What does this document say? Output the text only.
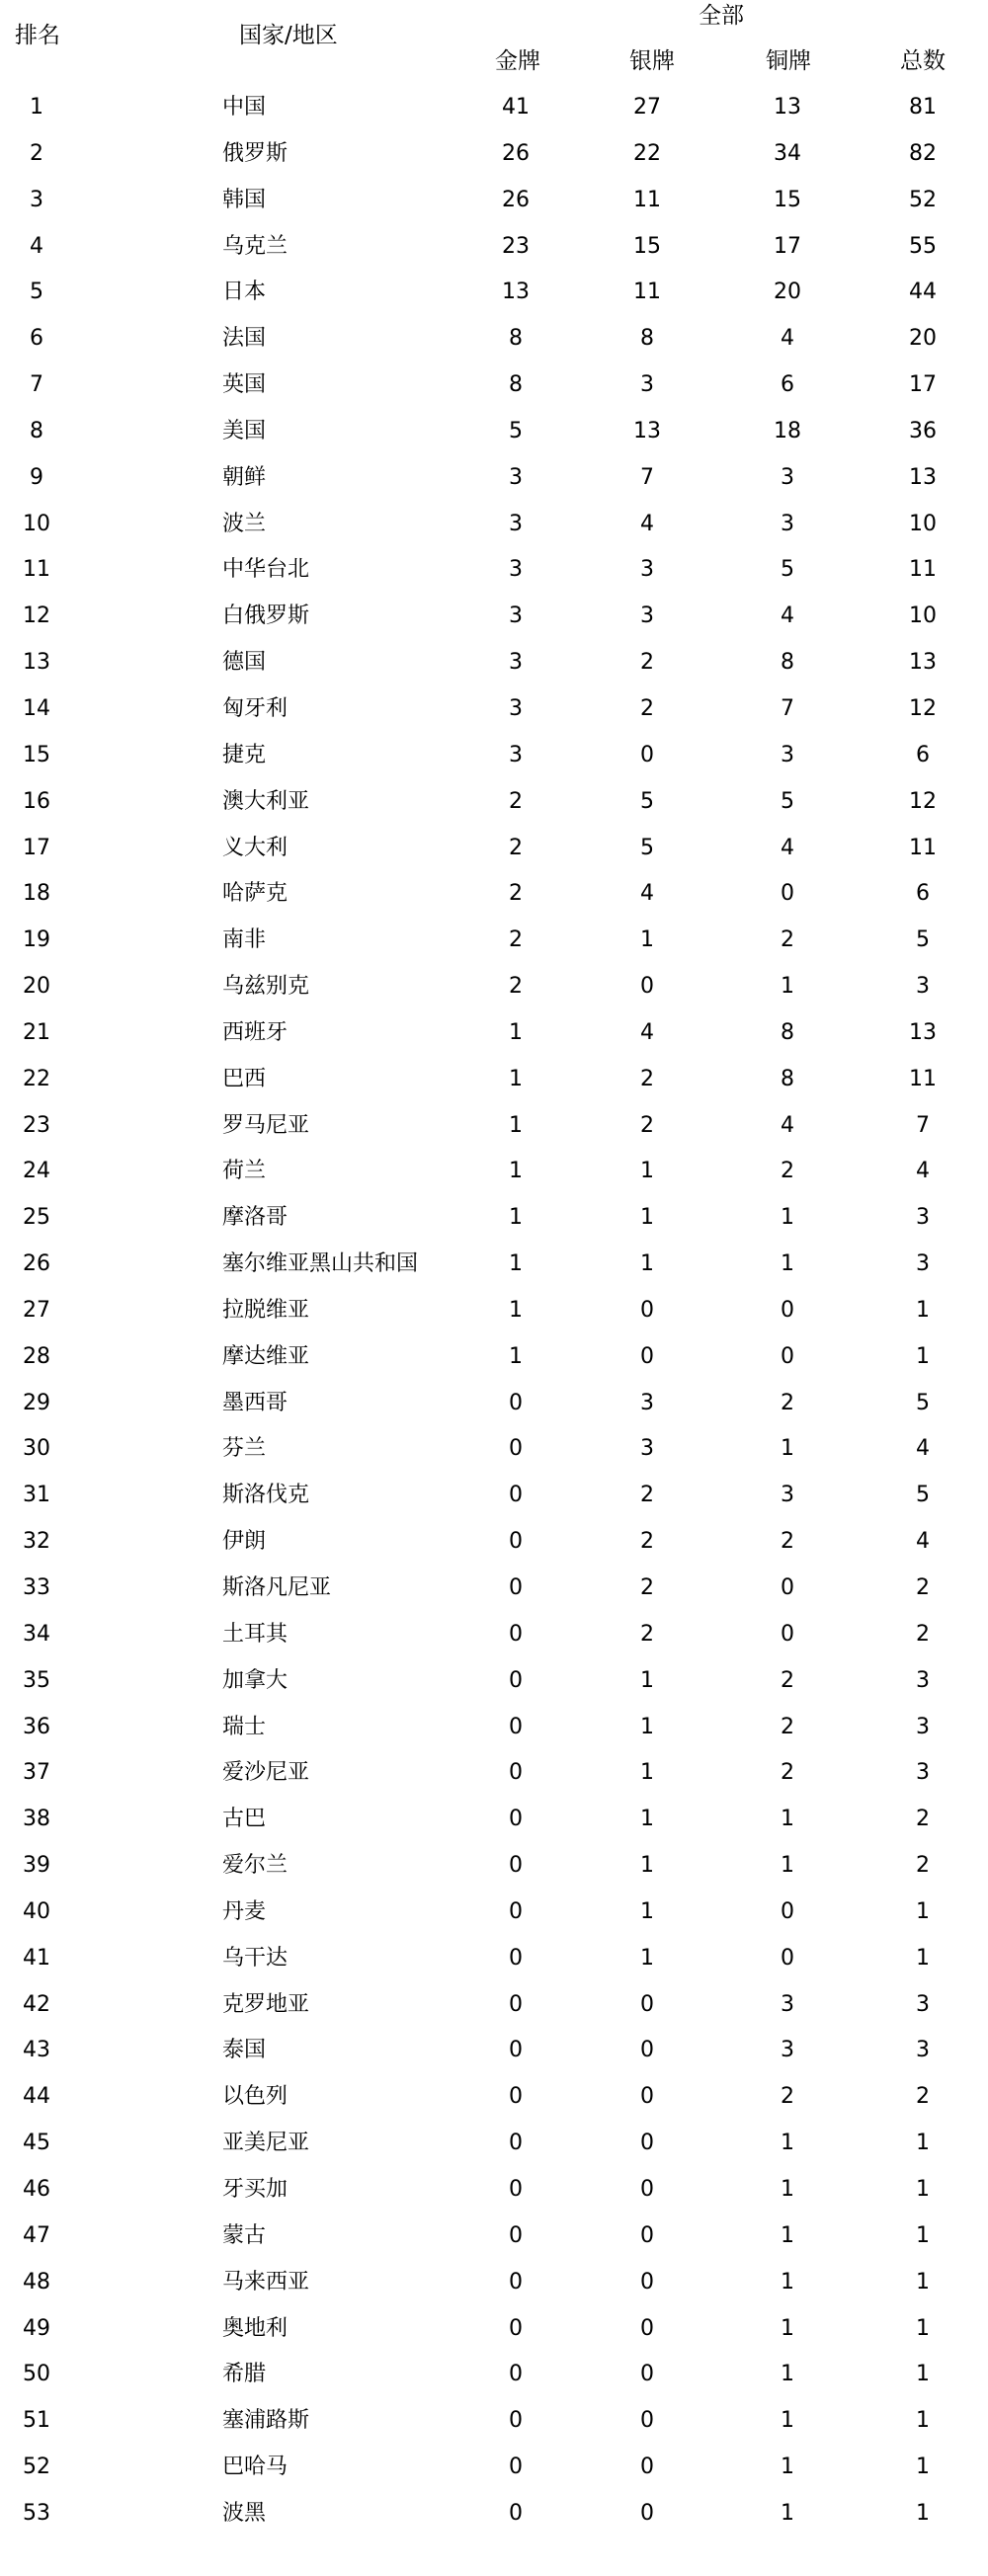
排名	国家/地区
全部
金牌	银牌	铜牌	总数
1	中国	41	27	13	81
2	俄罗斯	26	22	34	82
3	韩国	26	11	15	52
4	乌克兰	23	15	17	55
5	日本	13	11	20	44
6	法国	8	8	4	20
7	英国	8	3	6	17
8	美国	5	13	18	36
9	朝鲜	3	7	3	13
10	波兰	3	4	3	10
11	中华台北	3	3	5	11
12	白俄罗斯	3	3	4	10
13	德国	3	2	8	13
14	匈牙利	3	2	7	12
15	捷克	3	0	3	6
16	澳大利亚	2	5	5	12
17	义大利	2	5	4	11
18	哈萨克	2	4	0	6
19	南非	2	1	2	5
20	乌兹别克	2	0	1	3
21	西班牙	1	4	8	13
22	巴西	1	2	8	11
23	罗马尼亚	1	2	4	7
24	荷兰	1	1	2	4
25	摩洛哥	1	1	1	3
26	塞尔维亚黑山共和国	1	1	1	3
27	拉脱维亚	1	0	0	1
28	摩达维亚	1	0	0	1
29	墨西哥	0	3	2	5
30	芬兰	0	3	1	4
31	斯洛伐克	0	2	3	5
32	伊朗	0	2	2	4
33	斯洛凡尼亚	0	2	0	2
34	土耳其	0	2	0	2
35	加拿大	0	1	2	3
36	瑞士	0	1	2	3
37	爱沙尼亚	0	1	2	3
38	古巴	0	1	1	2
39	爱尔兰	0	1	1	2
40	丹麦	0	1	0	1
41	乌干达	0	1	0	1
42	克罗地亚	0	0	3	3
43	泰国	0	0	3	3
44	以色列	0	0	2	2
45	亚美尼亚	0	0	1	1
46	牙买加	0	0	1	1
47	蒙古	0	0	1	1
48	马来西亚	0	0	1	1
49	奥地利	0	0	1	1
50	希腊	0	0	1	1
51	塞浦路斯	0	0	1	1
52	巴哈马	0	0	1	1
53	波黑	0	0	1	1
